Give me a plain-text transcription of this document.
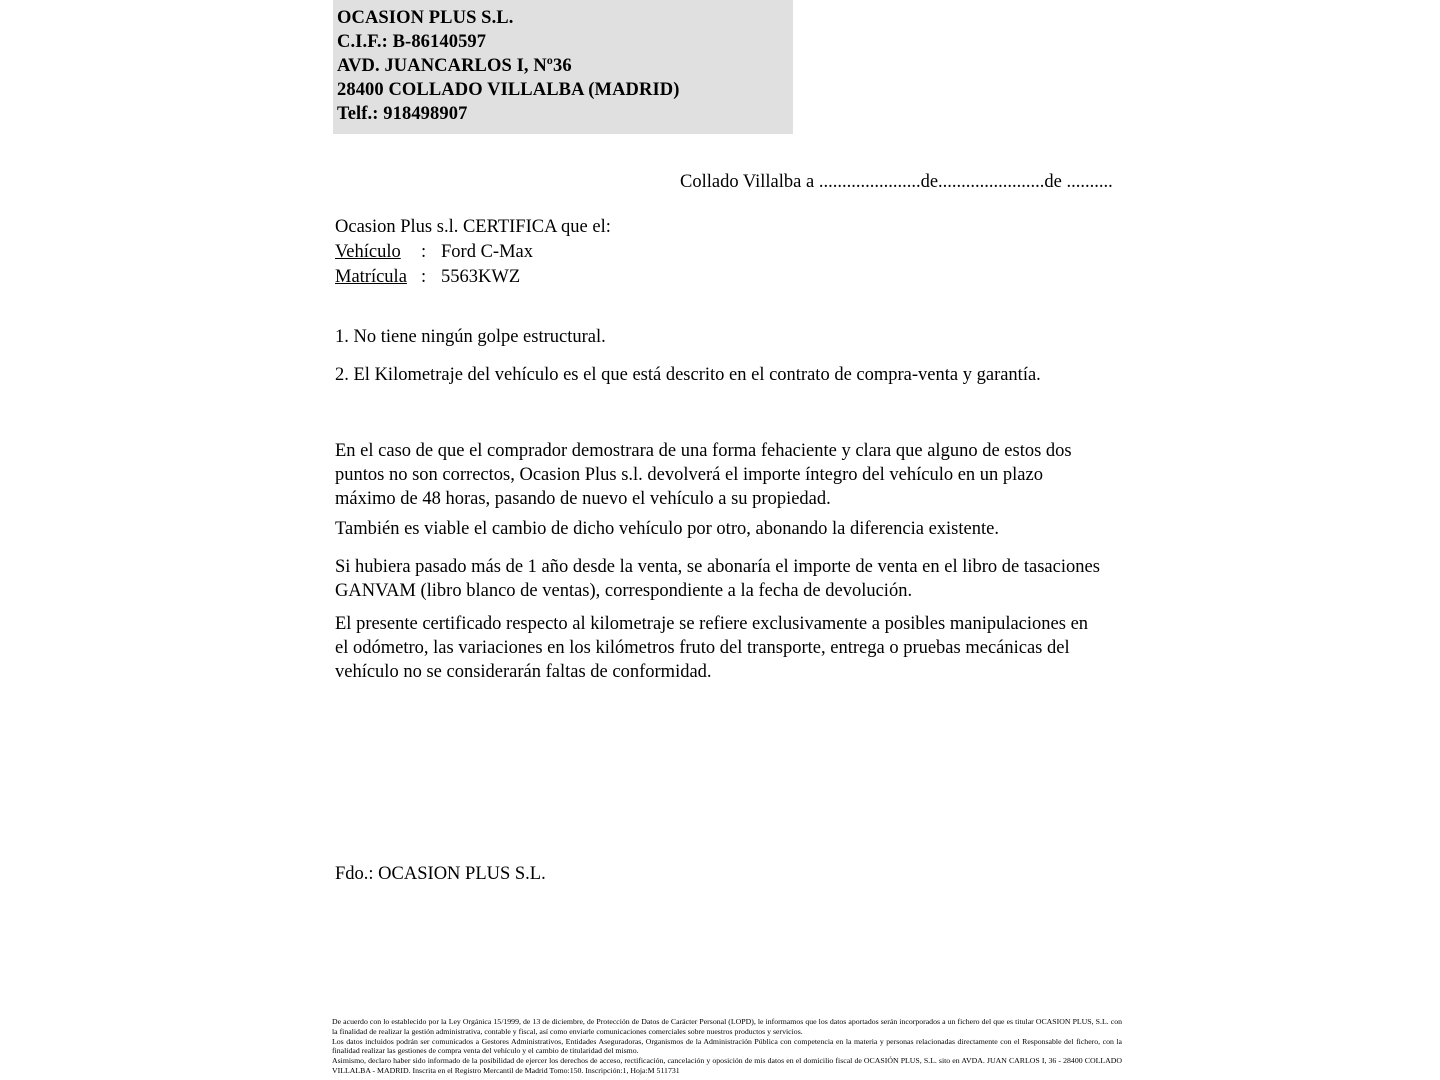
OCASION PLUS S.L.
C.I.F.: B-86140597
AVD. JUANCARLOS I, Nº36
28400 COLLADO VILLALBA (MADRID)
Telf.: 918498907
Collado Villalba a ......................de.......................de ..........
Ocasion Plus s.l. CERTIFICA que el:
Vehículo	: Ford C-Max
Matrícula : 5563KWZ
1. No tiene ningún golpe estructural.
2. El Kilometraje del vehículo es el que está descrito en el contrato de compra-venta y garantía.
En el caso de que el comprador demostrara de una forma fehaciente y clara que alguno de estos dos puntos no son correctos, Ocasion Plus s.l. devolverá el importe íntegro del vehículo en un plazo máximo de 48 horas, pasando de nuevo el vehículo a su propiedad.
También es viable el cambio de dicho vehículo por otro, abonando la diferencia existente.
Si hubiera pasado más de 1 año desde la venta, se abonaría el importe de venta en el libro de tasaciones GANVAM (libro blanco de ventas), correspondiente a la fecha de devolución.
El presente certificado respecto al kilometraje se refiere exclusivamente a posibles manipulaciones en el odómetro, las variaciones en los kilómetros fruto del transporte, entrega o pruebas mecánicas del vehículo no se considerarán faltas de conformidad.
Fdo.: OCASION PLUS S.L.

De acuerdo con lo establecido por la Ley Orgánica 15/1999, de 13 de diciembre, de Protección de Datos de Carácter Personal (LOPD), le informamos que los datos aportados serán incorporados a un fichero del que es titular OCASION PLUS, S.L. con la finalidad de realizar la gestión administrativa, contable y fiscal, así como enviarle comunicaciones comerciales sobre nuestros productos y servicios.

Los datos incluidos podrán ser comunicados a Gestores Administrativos, Entidades Aseguradoras, Organismos de la Administración Pública con competencia en la materia y personas relacionadas directamente con el Responsable del fichero, con la finalidad realizar las gestiones de compra venta del vehículo y el cambio de titularidad del mismo.

Asimismo, declaro haber sido informado de la posibilidad de ejercer los derechos de acceso, rectificación, cancelación y oposición de mis datos en el domicilio fiscal de OCASIÓN PLUS, S.L. sito en AVDA. JUAN CARLOS I, 36 - 28400 COLLADO VILLALBA - MADRID. Inscrita en el Registro Mercantil de Madrid Tomo:150. Inscripción:1, Hoja:M 511731
